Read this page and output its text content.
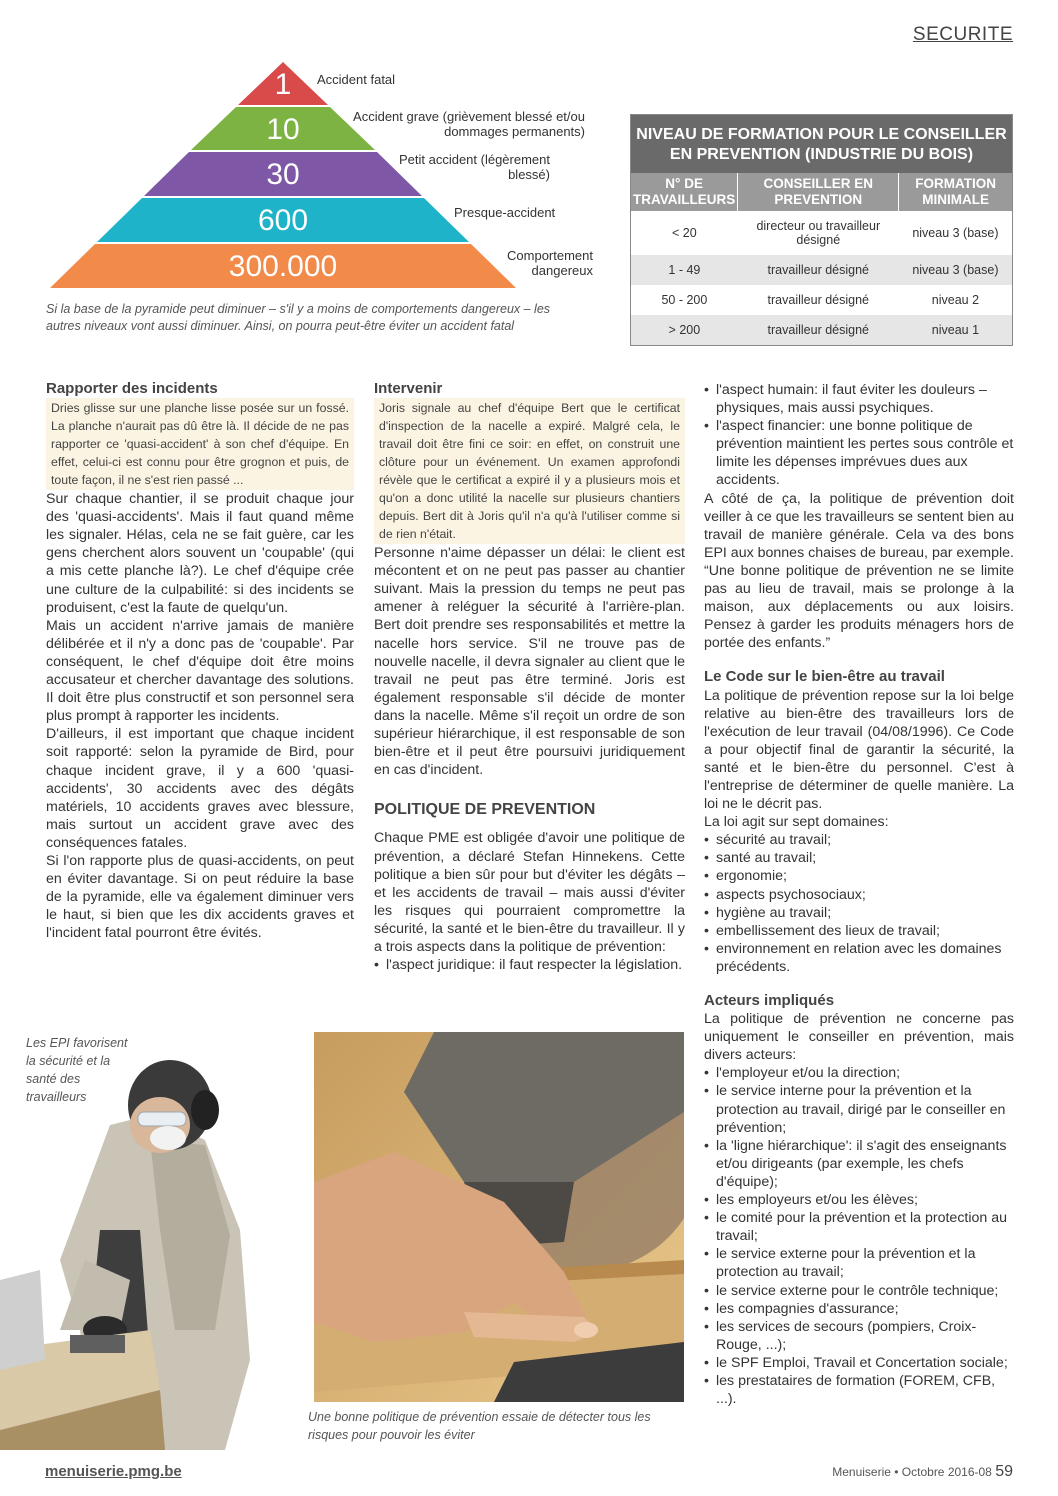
SECURITE
1
10
30
600
300.000
Accident fatal
Accident grave (grièvement blessé et/ou dommages permanents)
Petit accident (légèrement blessé)
Presque-accident
Comportement dangereux
Si la base de la pyramide peut diminuer – s'il y a moins de comportements dangereux – les autres niveaux vont aussi diminuer. Ainsi, on pourra peut-être éviter un accident fatal
NIVEAU DE FORMATION POUR LE CONSEILLER EN PREVENTION (INDUSTRIE DU BOIS)
N° DE TRAVAILLEURS	CONSEILLER EN PREVENTION	FORMATION MINIMALE
< 20	directeur ou travailleur désigné	niveau 3 (base)
1 - 49	travailleur désigné	niveau 3 (base)
50 - 200	travailleur désigné	niveau 2
> 200	travailleur désigné	niveau 1

Rapporter des incidents

Dries glisse sur une planche lisse posée sur un fossé. La planche n'aurait pas dû être là. Il décide de ne pas rapporter ce 'quasi-accident' à son chef d'équipe. En effet, celui-ci est connu pour être grognon et puis, de toute façon, il ne s'est rien passé ...

Sur chaque chantier, il se produit chaque jour des 'quasi-accidents'. Mais il faut quand même les signaler. Hélas, cela ne se fait guère, car les gens cherchent alors souvent un 'coupable' (qui a mis cette planche là?). Le chef d'équipe crée une culture de la culpabilité: si des incidents se produisent, c'est la faute de quelqu'un.

Mais un accident n'arrive jamais de manière délibérée et il n'y a donc pas de 'coupable'. Par conséquent, le chef d'équipe doit être moins accusateur et chercher davantage des solutions. Il doit être plus constructif et son personnel sera plus prompt à rapporter les incidents.

D'ailleurs, il est important que chaque incident soit rapporté: selon la pyramide de Bird, pour chaque incident grave, il y a 600 'quasi-accidents', 30 accidents avec des dégâts matériels, 10 accidents graves avec blessure, mais surtout un accident grave avec des conséquences fatales.

Si l'on rapporte plus de quasi-accidents, on peut en éviter davantage. Si on peut réduire la base de la pyramide, elle va également diminuer vers le haut, si bien que les dix accidents graves et l'incident fatal pourront être évités.

Intervenir

Joris signale au chef d'équipe Bert que le certificat d'inspection de la nacelle a expiré. Malgré cela, le travail doit être fini ce soir: en effet, on construit une clôture pour un événement. Un examen approfondi révèle que le certificat a expiré il y a plusieurs mois et qu'on a donc utilité la nacelle sur plusieurs chantiers depuis. Bert dit à Joris qu'il n'a qu'à l'utiliser comme si de rien n'était.

Personne n'aime dépasser un délai: le client est mécontent et on ne peut pas passer au chantier suivant. Mais la pression du temps ne peut pas amener à reléguer la sécurité à l'arrière-plan. Bert doit prendre ses responsabilités et mettre la nacelle hors service. S'il ne trouve pas de nouvelle nacelle, il devra signaler au client que le travail ne peut pas être terminé. Joris est également responsable s'il décide de monter dans la nacelle. Même s'il reçoit un ordre de son supérieur hiérarchique, il est responsable de son bien-être et il peut être poursuivi juridiquement en cas d'incident.

POLITIQUE DE PREVENTION

Chaque PME est obligée d'avoir une politique de prévention, a déclaré Stefan Hinnekens. Cette politique a bien sûr pour but d'éviter les dégâts – et les accidents de travail – mais aussi d'éviter les risques qui pourraient compromettre la sécurité, la santé et le bien-être du travailleur. Il y a trois aspects dans la politique de prévention:

• l'aspect juridique: il faut respecter la législation.
• l'aspect humain: il faut éviter les douleurs – physiques, mais aussi psychiques.
• l'aspect financier: une bonne politique de prévention maintient les pertes sous contrôle et limite les dépenses imprévues dues aux accidents.

A côté de ça, la politique de prévention doit veiller à ce que les travailleurs se sentent bien au travail de manière générale. Cela va des bons EPI aux bonnes chaises de bureau, par exemple.

“Une bonne politique de prévention ne se limite pas au lieu de travail, mais se prolonge à la maison, aux déplacements ou aux loisirs. Pensez à garder les produits ménagers hors de portée des enfants.”

Le Code sur le bien-être au travail

La politique de prévention repose sur la loi belge relative au bien-être des travailleurs lors de l'exécution de leur travail (04/08/1996). Ce Code a pour objectif final de garantir la sécurité, la santé et le bien-être du personnel. C'est à l'entreprise de déterminer de quelle manière. La loi ne le décrit pas.

La loi agit sur sept domaines:

• sécurité au travail;
• santé au travail;
• ergonomie;
• aspects psychosociaux;
• hygiène au travail;
• embellissement des lieux de travail;
• environnement en relation avec les domaines précédents.

Acteurs impliqués

La politique de prévention ne concerne pas uniquement le conseiller en prévention, mais divers acteurs:

• l'employeur et/ou la direction;
• le service interne pour la prévention et la protection au travail, dirigé par le conseiller en prévention;
• la 'ligne hiérarchique': il s'agit des enseignants et/ou dirigeants (par exemple, les chefs d'équipe);
• les employeurs et/ou les élèves;
• le comité pour la prévention et la protection au travail;
• le service externe pour la prévention et la protection au travail;
• le service externe pour le contrôle technique;
• les compagnies d'assurance;
• les services de secours (pompiers, Croix-Rouge, ...);
• le SPF Emploi, Travail et Concertation sociale;
• les prestataires de formation (FOREM, CFB, ...).
Les EPI favorisent la sécurité et la santé des travailleurs
Une bonne politique de prévention essaie de détecter tous les risques pour pouvoir les éviter
menuiserie.pmg.be	Menuiserie • Octobre 2016-08 59
